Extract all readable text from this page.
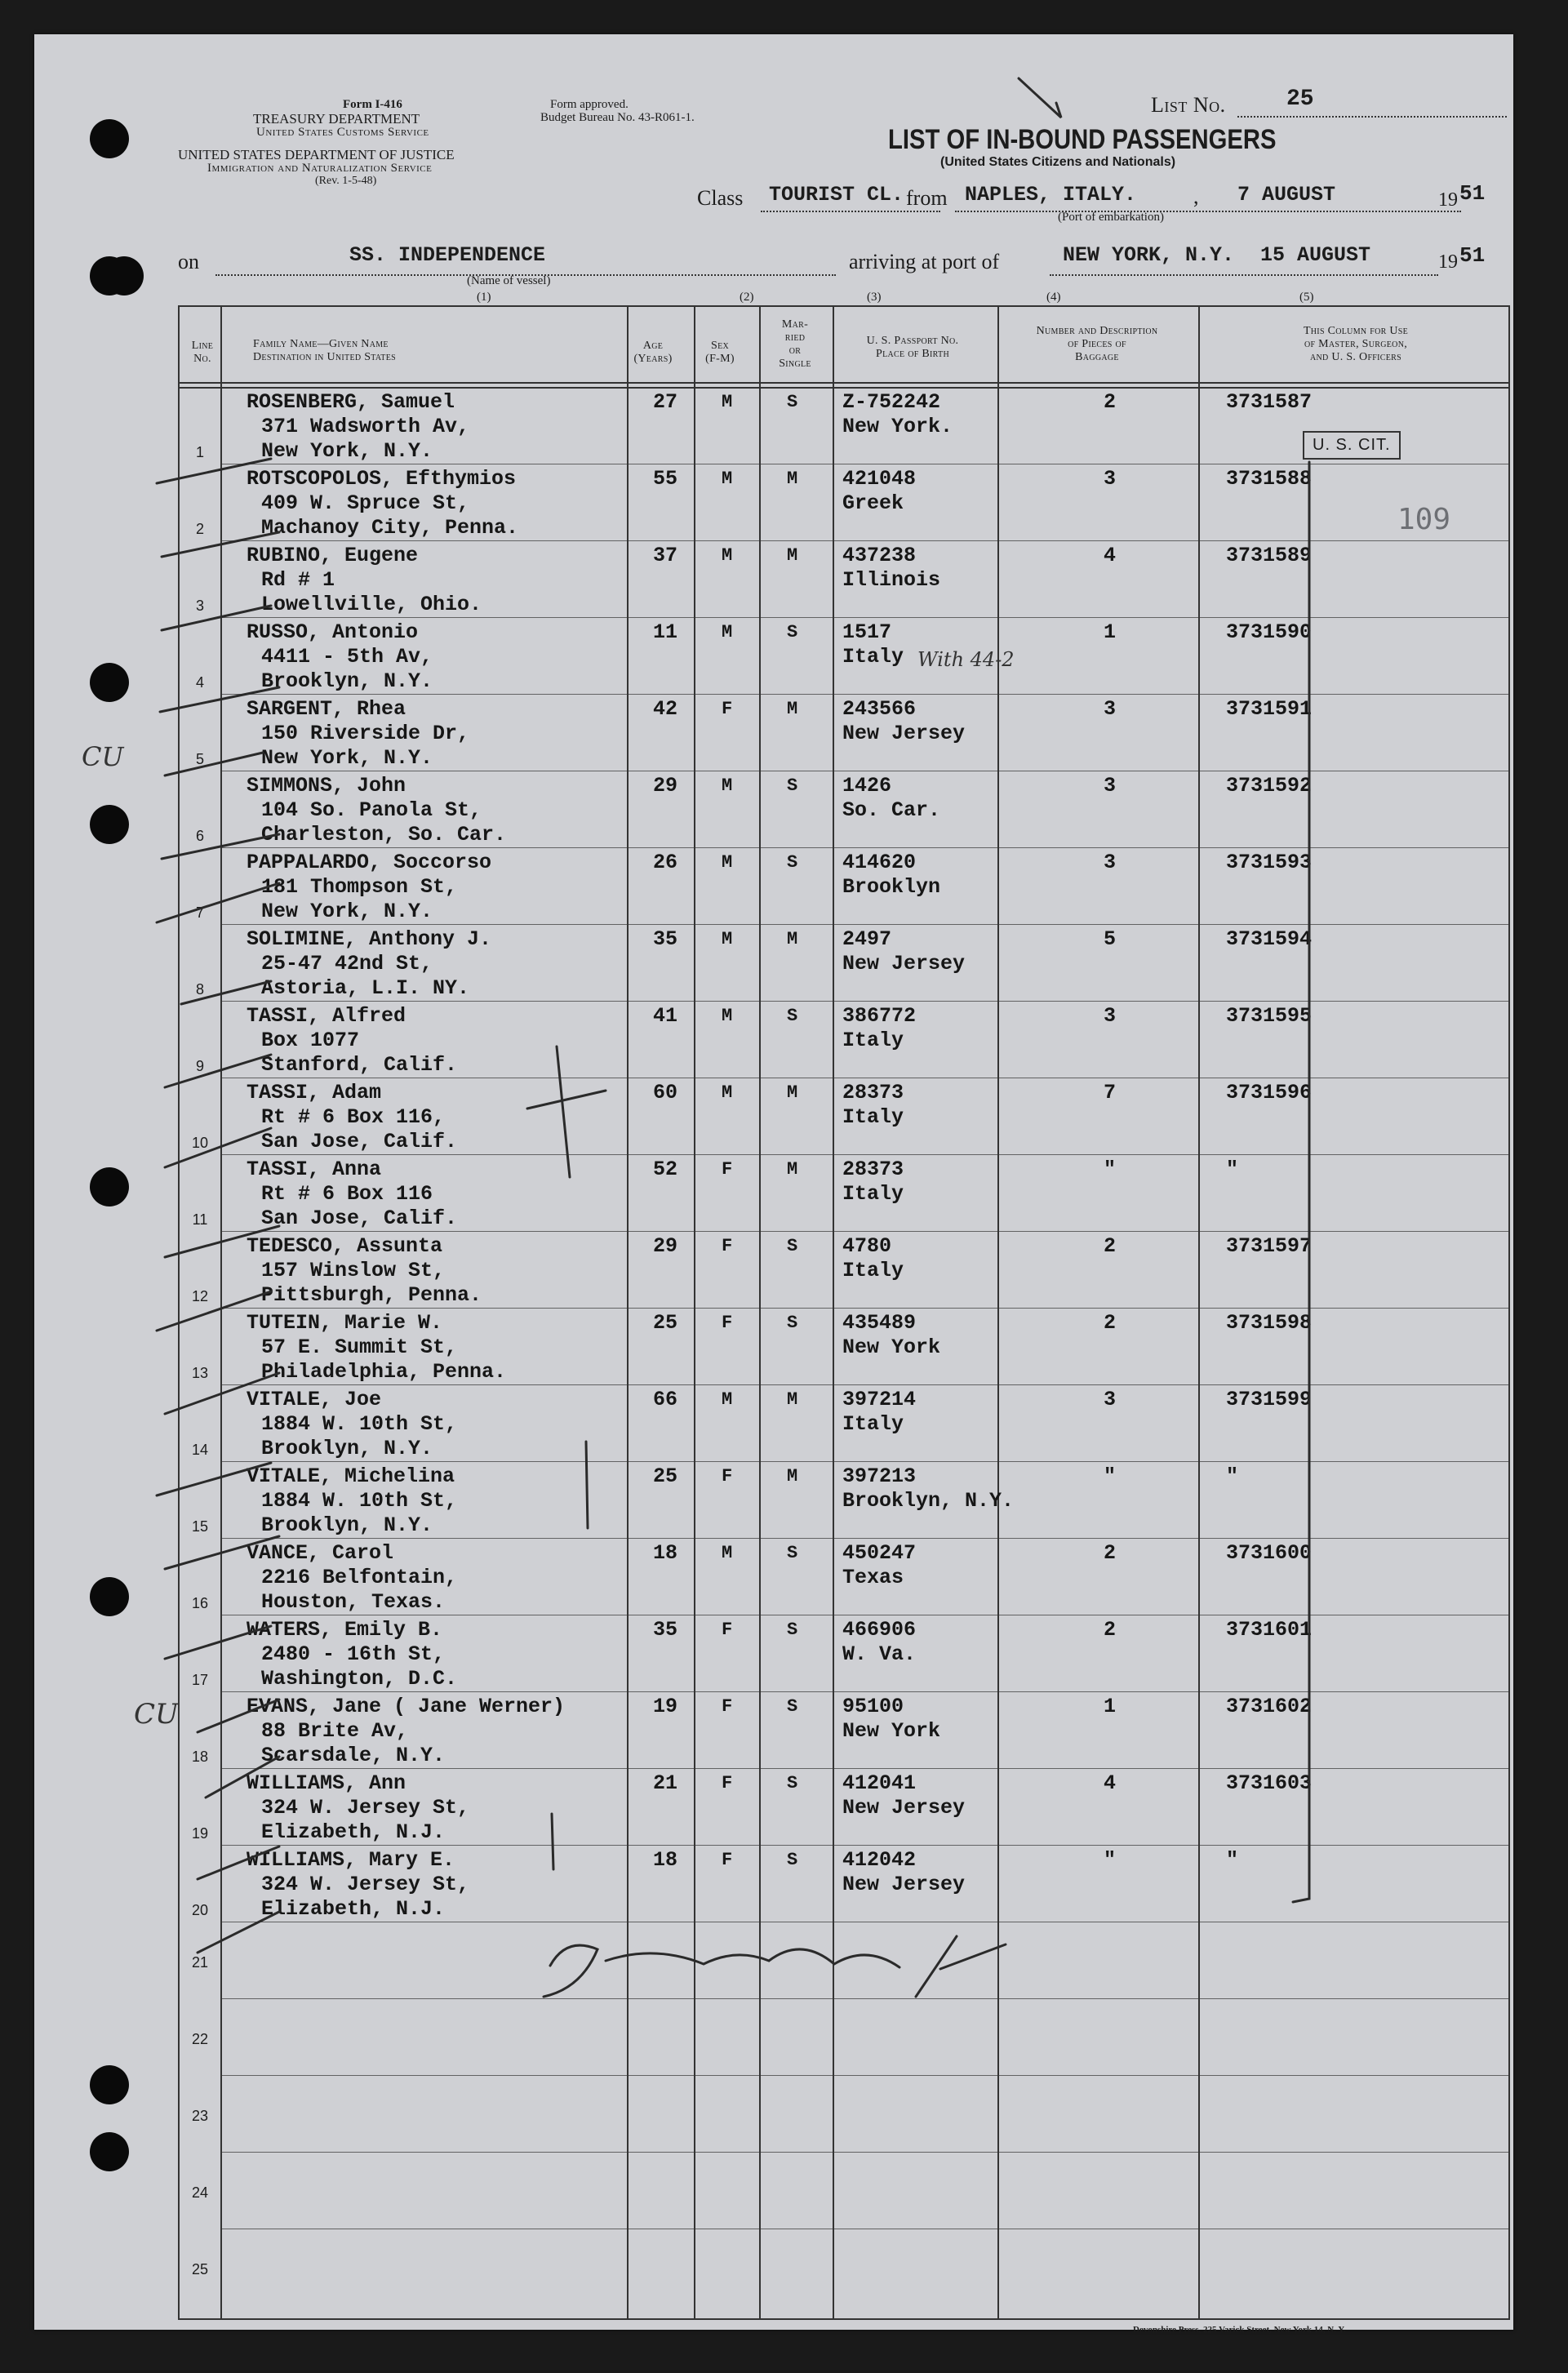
Form I-416
TREASURY DEPARTMENT
United States Customs Service
UNITED STATES DEPARTMENT OF JUSTICE
Immigration and Naturalization Service
(Rev. 1-5-48)
Form approved.
Budget Bureau No. 43-R061-1.
List No.	25
LIST OF IN-BOUND PASSENGERS
(United States Citizens and Nationals)
Class TOURIST CL. from NAPLES, ITALY.	, 7 AUGUST	19 51
(Port of embarkation)
on	SS. INDEPENDENCE
(Name of vessel)
arriving at port of	NEW YORK, N.Y. 15 AUGUST	19 51
(1)	(2)	(3)	(4)	(5)
Line No.
Family Name—Given Name
Destination in United States
Age
(Years)
Sex
(F-M)
Mar-
ried
or
Single
U. S. Passport No.
Place of Birth
Number and Description
of Pieces of
Baggage
This Column for Use
of Master, Surgeon,
and U. S. Officers
1
ROSENBERG, Samuel
371 Wadsworth Av,
New York, N.Y.
27 M	S Z-752242
New York.
2	3731587
2
ROTSCOPOLOS, Efthymios
409 W. Spruce St,
Machanoy City, Penna.
55 M	M 421048
Greek
3	3731588
3
RUBINO, Eugene
Rd # 1
Lowellville, Ohio.
37 M	M 437238
Illinois
4	3731589
4
RUSSO, Antonio
4411 - 5th Av,
Brooklyn, N.Y.
11 M	S 1517
Italy
1	3731590
5
SARGENT, Rhea
150 Riverside Dr,
New York, N.Y.
42 F	M 243566
New Jersey
3	3731591
6
SIMMONS, John
104 So. Panola St,
Charleston, So. Car.
29 M	S 1426
So. Car.
3	3731592
7
PAPPALARDO, Soccorso
181 Thompson St,
New York, N.Y.
26 M	S 414620
Brooklyn
3	3731593
8
SOLIMINE, Anthony J.
25-47 42nd St,
Astoria, L.I. NY.
35 M	M 2497
New Jersey
5	3731594
9
TASSI, Alfred
Box 1077
Stanford, Calif.
41 M	S 386772
Italy
3	3731595
10
TASSI, Adam
Rt # 6 Box 116,
San Jose, Calif.
60 M	M 28373
Italy
7	3731596
11
TASSI, Anna
Rt # 6 Box 116
San Jose, Calif.
52 F	M 28373
Italy
"	"
12
TEDESCO, Assunta
157 Winslow St,
Pittsburgh, Penna.
29 F	S 4780
Italy
2	3731597
13
TUTEIN, Marie W.
57 E. Summit St,
Philadelphia, Penna.
25 F	S 435489
New York
2	3731598
14
VITALE, Joe
1884 W. 10th St,
Brooklyn, N.Y.
66 M	M 397214
Italy
3	3731599
15
VITALE, Michelina
1884 W. 10th St,
Brooklyn, N.Y.
25 F	M 397213
Brooklyn, N.Y.
"	"
16
VANCE, Carol
2216 Belfontain,
Houston, Texas.
18 M	S 450247
Texas
2	3731600
17
WATERS, Emily B.
2480 - 16th St,
Washington, D.C.
35 F	S 466906
W. Va.
2	3731601
18
EVANS, Jane ( Jane Werner)
88 Brite Av,
Scarsdale, N.Y.
19 F	S 95100
New York
1	3731602
19
WILLIAMS, Ann
324 W. Jersey St,
Elizabeth, N.J.
21 F	S 412041
New Jersey
4	3731603
20
WILLIAMS, Mary E.
324 W. Jersey St,
Elizabeth, N.J.
18 F	S 412042
New Jersey
"	"
21
22
23
24
25
U. S. CIT.
109
With 44-2
CU
CU
Devonshire Press, 225 Varick Street, New York 14, N. Y.
